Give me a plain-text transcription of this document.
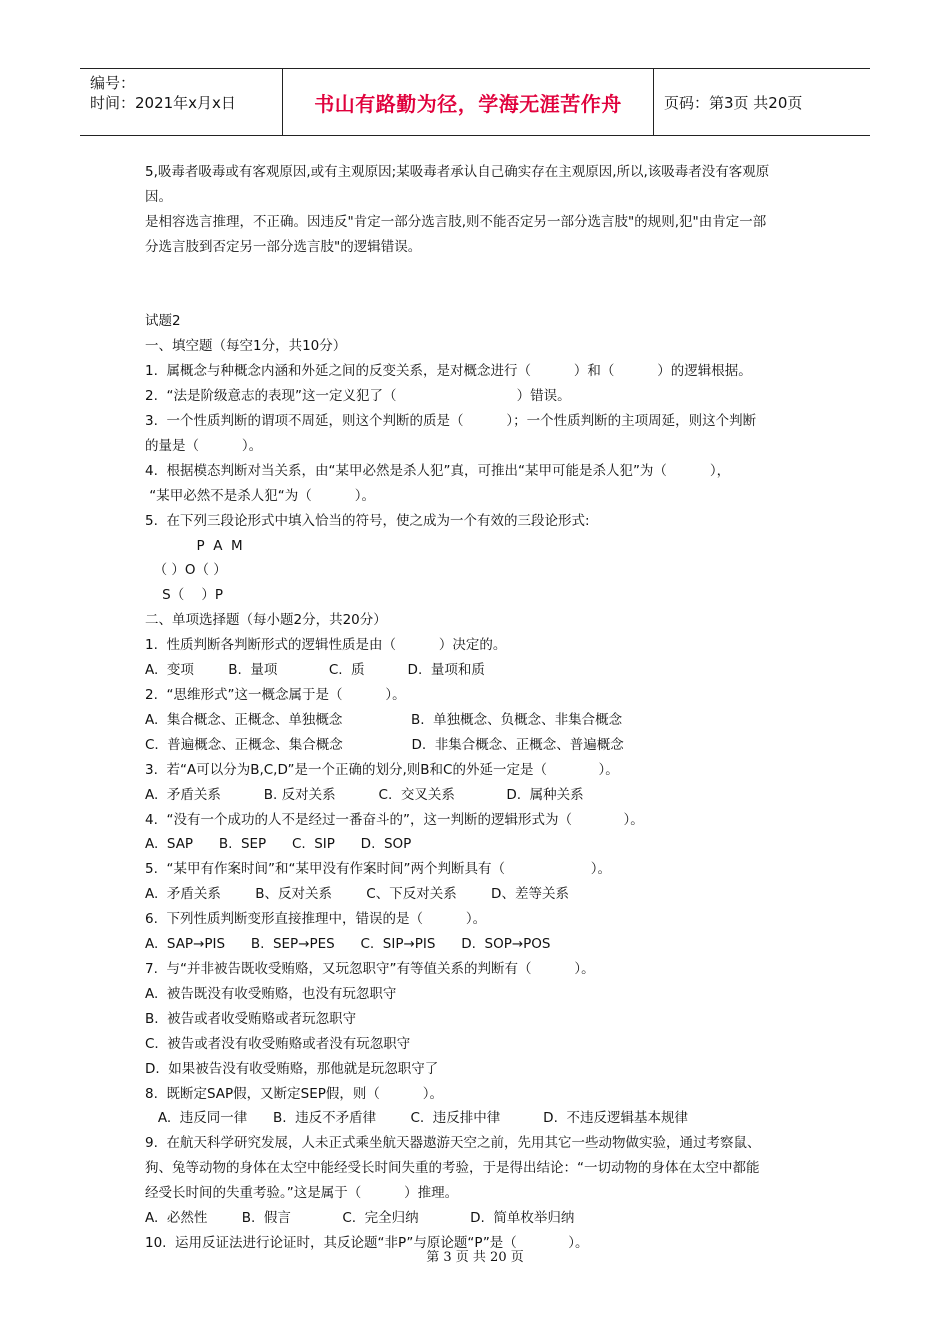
编号：
时间：2021年x月x日	书山有路勤为径，学海无涯苦作舟	页码：第3页 共20页
5,吸毒者吸毒或有客观原因,或有主观原因;某吸毒者承认自己确实存在主观原因,所以,该吸毒者没有客观原
因。
是相容选言推理，不正确。因违反"肯定一部分选言肢,则不能否定另一部分选言肢"的规则,犯"由肯定一部
分选言肢到否定另一部分选言肢"的逻辑错误。
试题2
一、填空题（每空1分，共10分）
1.  属概念与种概念内涵和外延之间的反变关系，是对概念进行（          ）和（          ）的逻辑根据。
2.  “法是阶级意志的表现”这一定义犯了（                            ）错误。
3.  一个性质判断的谓项不周延，则这个判断的质是（          ）；一个性质判断的主项周延，则这个判断
的量是（          ）。
4.  根据模态判断对当关系，由“某甲必然是杀人犯”真，可推出“某甲可能是杀人犯”为（          ），
“某甲必然不是杀人犯“为（          ）。
5.  在下列三段论形式中填入恰当的符号，使之成为一个有效的三段论形式:
P  A  M
（ ）O（ ）
S（    ）P
二、单项选择题（每小题2分，共20分）
1.  性质判断各判断形式的逻辑性质是由（          ）决定的。
A.  变项        B.  量项            C.  质          D.  量项和质
2.  “思维形式”这一概念属于是（          ）。
A.  集合概念、正概念、单独概念                B.  单独概念、负概念、非集合概念
C.  普遍概念、正概念、集合概念                D.  非集合概念、正概念、普遍概念
3.  若“A可以分为B,C,D”是一个正确的划分,则B和C的外延一定是（            ）。
A.  矛盾关系          B. 反对关系          C.  交叉关系            D.  属种关系
4.  “没有一个成功的人不是经过一番奋斗的”，这一判断的逻辑形式为（            ）。
A.  SAP      B.  SEP      C.  SIP      D.  SOP
5.  “某甲有作案时间”和“某甲没有作案时间”两个判断具有（                    ）。
A.  矛盾关系        B、反对关系        C、下反对关系        D、差等关系
6.  下列性质判断变形直接推理中，错误的是（          ）。
A.  SAP→PIS      B.  SEP→PES      C.  SIP→PIS      D.  SOP→POS
7.  与“并非被告既收受贿赂，又玩忽职守”有等值关系的判断有（          ）。
A.  被告既没有收受贿赂，也没有玩忽职守
B.  被告或者收受贿赂或者玩忽职守
C.  被告或者没有收受贿赂或者没有玩忽职守
D.  如果被告没有收受贿赂，那他就是玩忽职守了
8.  既断定SAP假，又断定SEP假，则（          ）。
A.  违反同一律      B.  违反不矛盾律        C.  违反排中律          D.  不违反逻辑基本规律
9.  在航天科学研究发展，人未正式乘坐航天器遨游天空之前，先用其它一些动物做实验，通过考察鼠、
狗、兔等动物的身体在太空中能经受长时间失重的考验，于是得出结论：“一切动物的身体在太空中都能
经受长时间的失重考验。”这是属于（          ）推理。
A.  必然性        B.  假言            C.  完全归纳            D.  简单枚举归纳
10.  运用反证法进行论证时，其反论题“非P”与原论题“P”是（            ）。
第 3 页 共 20 页
